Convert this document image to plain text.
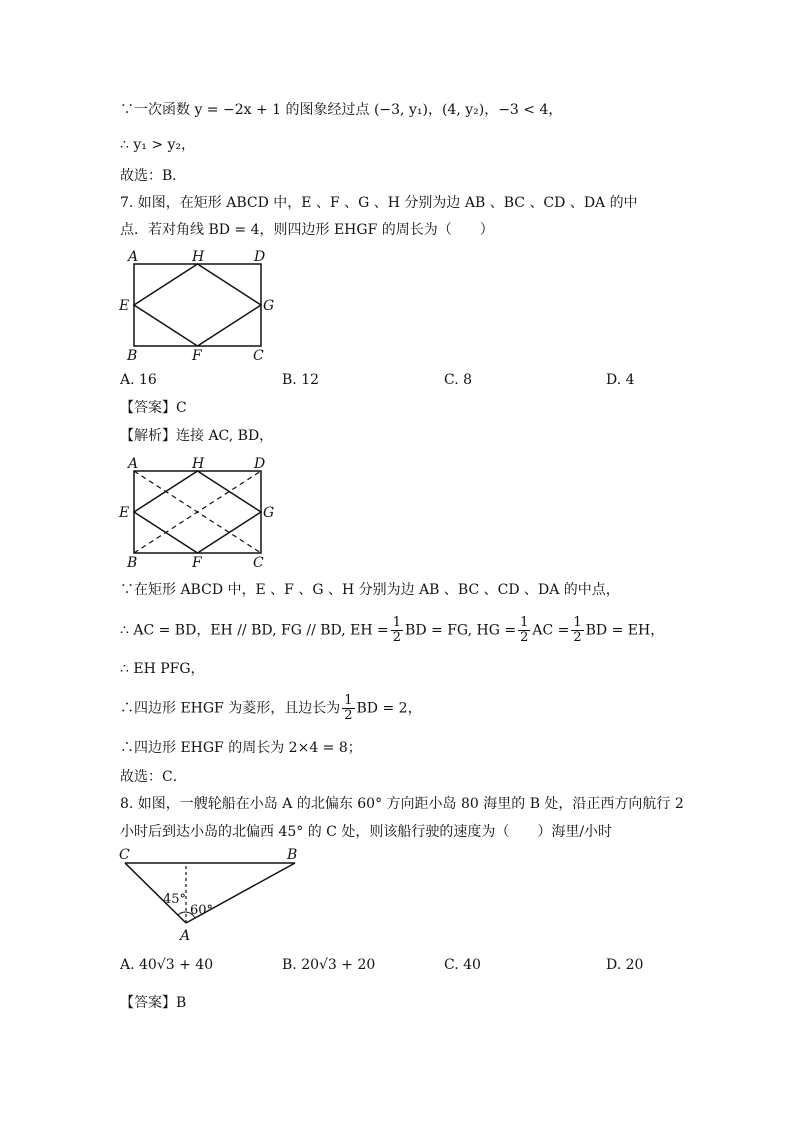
∵一次函数 y = −2x + 1 的图象经过点 (−3, y₁)，(4, y₂)，−3 < 4，
∴ y₁ > y₂，
故选：B．
7. 如图，在矩形 ABCD 中，E 、F 、G 、H 分别为边 AB 、BC 、CD 、DA 的中
点．若对角线 BD = 4，则四边形 EHGF 的周长为（　　）
A	H	D
E	G
B	F	C
A. 16	B. 12	C. 8	D. 4
【答案】C
【解析】连接 AC, BD，
A	H	D
E	G
B	F	C
∵在矩形 ABCD 中，E 、F 、G 、H 分别为边 AB 、BC 、CD 、DA 的中点，
∴ AC = BD，EH // BD, FG // BD, EH = $\frac{1}{2}$ BD = FG, HG = $\frac{1}{2}$ AC = $\frac{1}{2}$ BD = EH，
∴ EH PFG，
∴四边形 EHGF 为菱形，且边长为 $\frac{1}{2}$ BD = 2，
∴四边形 EHGF 的周长为 2×4 = 8；
故选：C．
8. 如图，一艘轮船在小岛 A 的北偏东 60° 方向距小岛 80 海里的 B 处，沿正西方向航行 2
小时后到达小岛的北偏西 45° 的 C 处，则该船行驶的速度为（　　）海里/小时
C	B
A
45°
60°
A. 40√3 + 40	B. 20√3 + 20	C. 40	D. 20
【答案】B
